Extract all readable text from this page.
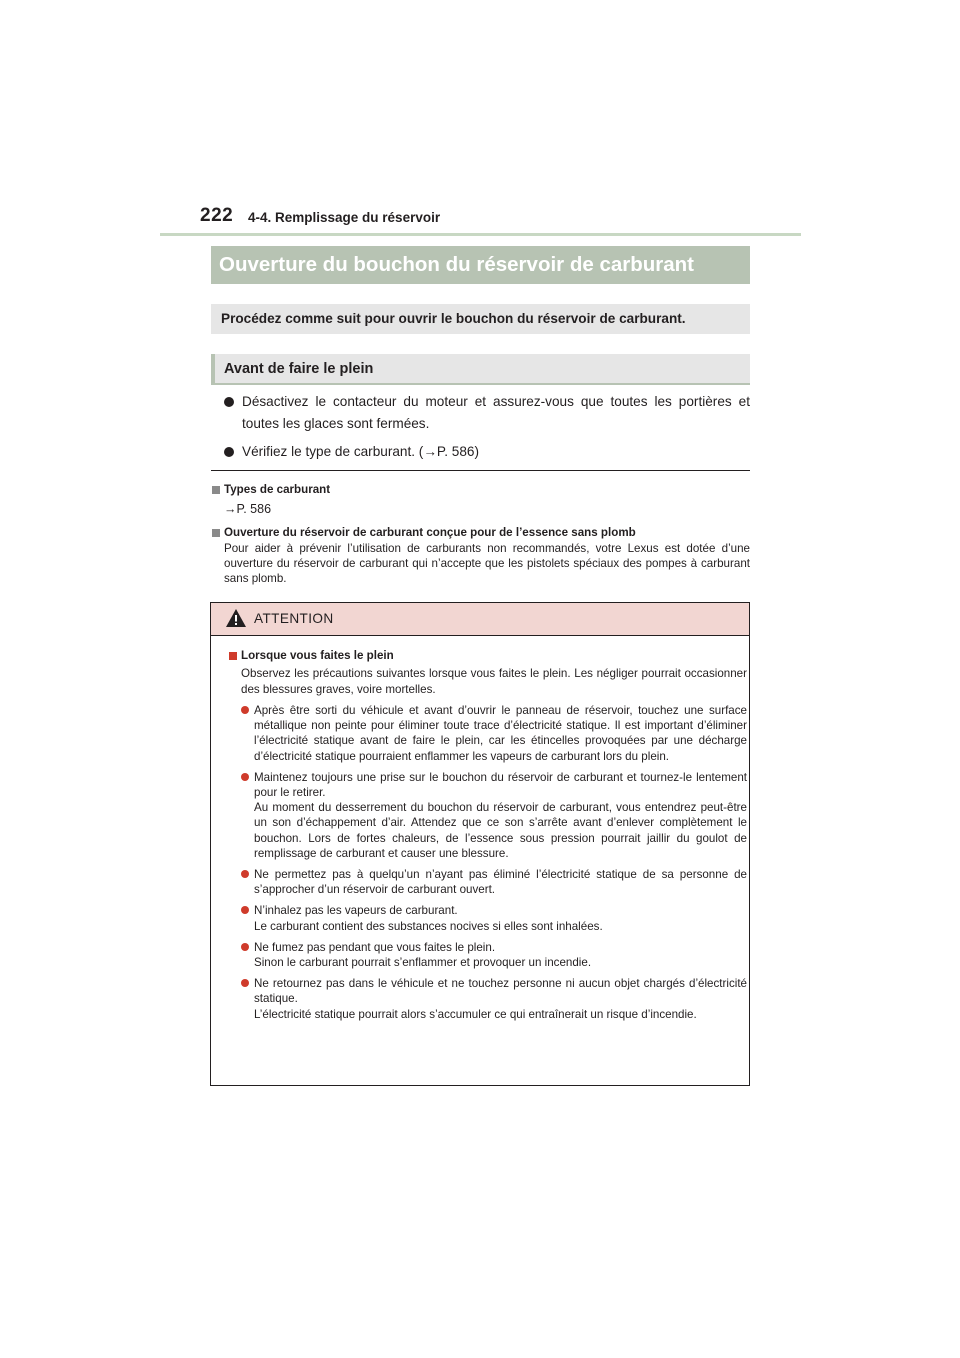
222 4-4. Remplissage du réservoir
Ouverture du bouchon du réservoir de carburant
Procédez comme suit pour ouvrir le bouchon du réservoir de carburant.
Avant de faire le plein
Désactivez le contacteur du moteur et assurez-vous que toutes les portières et toutes les glaces sont fermées.
Vérifiez le type de carburant. (→P. 586)
Types de carburant
→P. 586
Ouverture du réservoir de carburant conçue pour de l’essence sans plomb
Pour aider à prévenir l’utilisation de carburants non recommandés, votre Lexus est dotée d’une ouverture du réservoir de carburant qui n’accepte que les pistolets spéciaux des pompes à carburant sans plomb.
ATTENTION
Lorsque vous faites le plein
Observez les précautions suivantes lorsque vous faites le plein. Les négliger pourrait occasionner des blessures graves, voire mortelles.
Après être sorti du véhicule et avant d’ouvrir le panneau de réservoir, touchez une surface métallique non peinte pour éliminer toute trace d’électricité statique. Il est important d’éliminer l’électricité statique avant de faire le plein, car les étincelles provoquées par une décharge d’électricité statique pourraient enflammer les vapeurs de carburant lors du plein.
Maintenez toujours une prise sur le bouchon du réservoir de carburant et tournez-le lentement pour le retirer.
Au moment du desserrement du bouchon du réservoir de carburant, vous entendrez peut-être un son d’échappement d’air. Attendez que ce son s’arrête avant d’enlever complètement le bouchon. Lors de fortes chaleurs, de l’essence sous pression pourrait jaillir du goulot de remplissage de carburant et causer une blessure.
Ne permettez pas à quelqu’un n’ayant pas éliminé l’électricité statique de sa personne de s’approcher d’un réservoir de carburant ouvert.
N’inhalez pas les vapeurs de carburant.
Le carburant contient des substances nocives si elles sont inhalées.
Ne fumez pas pendant que vous faites le plein.
Sinon le carburant pourrait s’enflammer et provoquer un incendie.
Ne retournez pas dans le véhicule et ne touchez personne ni aucun objet chargés d’électricité statique.
L’électricité statique pourrait alors s’accumuler ce qui entraînerait un risque d’incendie.
